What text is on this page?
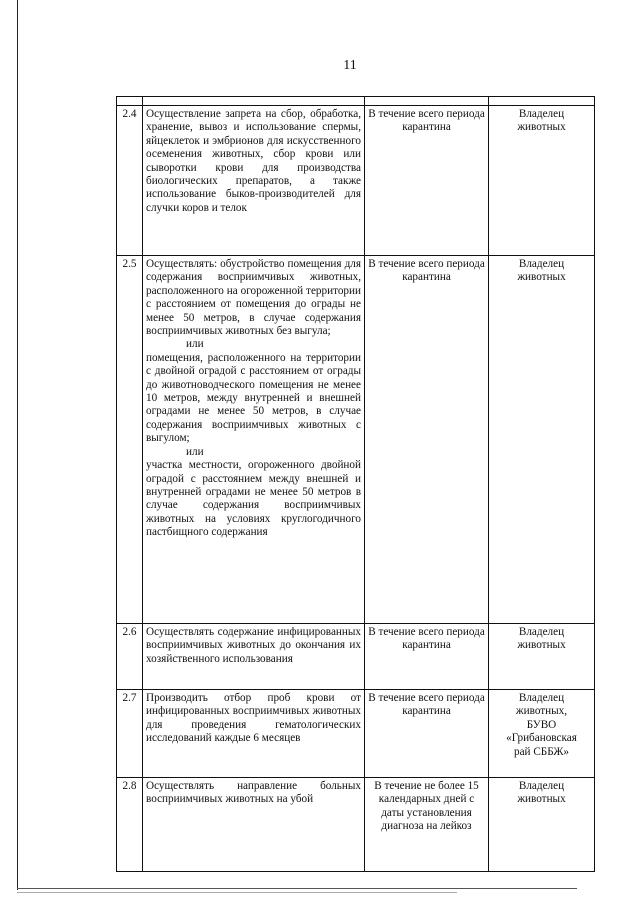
11

2.4	Осуществление запрета на сбор, обработка, хранение, вывоз и использование спермы, яйцеклеток и эмбрионов для искусственного осеменения животных, сбор крови или сыворотки крови для производства биологических препаратов, а также использование быков-производителей для случки коров и телок	В течение всего периода карантина	Владелец
животных

2.5	Осуществлять: обустройство помещения для содержания восприимчивых животных, расположенного на огороженной территории с расстоянием от помещения до ограды не менее 50 метров, в случае содержания восприимчивых животных без выгула;
или
помещения, расположенного на территории с двойной оградой с расстоянием от ограды до животноводческого помещения не менее 10 метров, между внутренней и внешней оградами не менее 50 метров, в случае содержания восприимчивых животных с выгулом;
или
участка местности, огороженного двойной оградой с расстоянием между внешней и внутренней оградами не менее 50 метров в случае содержания восприимчивых животных на условиях круглогодичного пастбищного содержания	В течение всего периода карантина	Владелец
животных

2.6	Осуществлять содержание инфицированных восприимчивых животных до окончания их хозяйственного использования	В течение всего периода карантина	Владелец
животных

2.7	Производить отбор проб крови от инфицированных восприимчивых животных для проведения гематологических исследований каждые 6 месяцев	В течение всего периода карантина	Владелец
животных,
БУВО
«Грибановская
рай СББЖ»

2.8	Осуществлять направление больных восприимчивых животных на убой	В течение не более 15 календарных дней с даты установления диагноза на лейкоз	Владелец
животных
